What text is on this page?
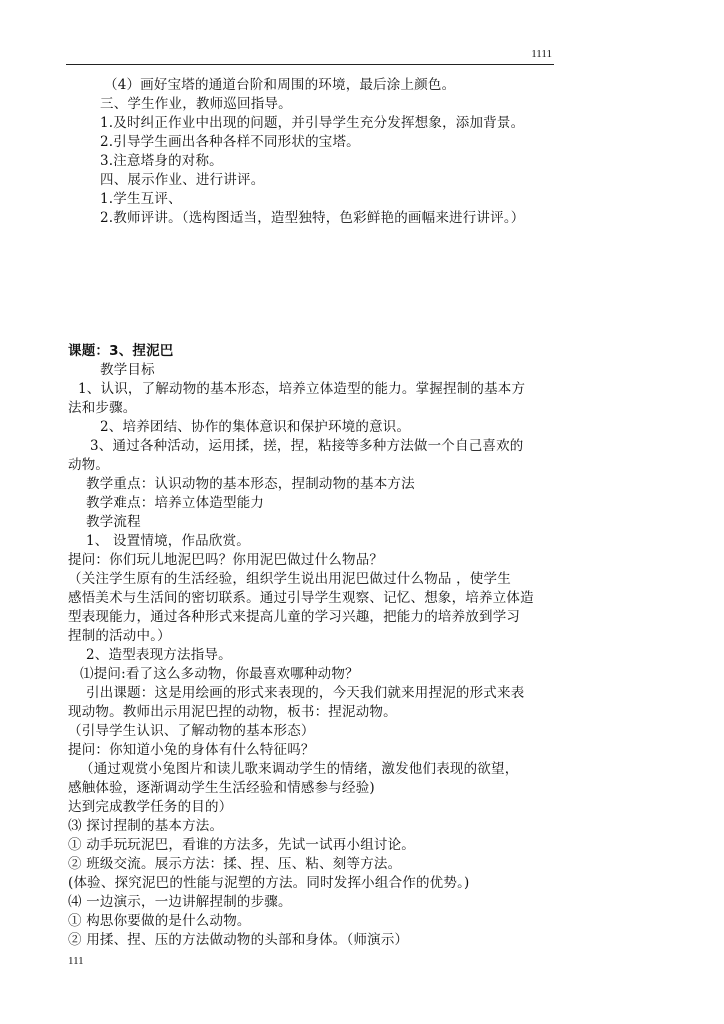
1111
（4）画好宝塔的通道台阶和周围的环境，最后涂上颜色。
三、学生作业，教师巡回指导。
1.及时纠正作业中出现的问题，并引导学生充分发挥想象，添加背景。
2.引导学生画出各种各样不同形状的宝塔。
3.注意塔身的对称。
四、展示作业、进行讲评。
1.学生互评、
2.教师评讲。（选构图适当，造型独特，色彩鲜艳的画幅来进行讲评。）
课题：3、捏泥巴
教学目标
1、认识，了解动物的基本形态，培养立体造型的能力。掌握捏制的基本方
法和步骤。
2、培养团结、协作的集体意识和保护环境的意识。
3、通过各种活动，运用揉，搓，捏，粘接等多种方法做一个自己喜欢的
动物。
教学重点：认识动物的基本形态，捏制动物的基本方法
教学难点：培养立体造型能力
教学流程
1、 设置情境，作品欣赏。
提问：你们玩儿地泥巴吗？你用泥巴做过什么物品？
（关注学生原有的生活经验，组织学生说出用泥巴做过什么物品 ，使学生
感悟美术与生活间的密切联系。通过引导学生观察、记忆、想象，培养立体造
型表现能力，通过各种形式来提高儿童的学习兴趣，把能力的培养放到学习
捏制的活动中。）
2、造型表现方法指导。
⑴提问:看了这么多动物，你最喜欢哪种动物？
引出课题：这是用绘画的形式来表现的，今天我们就来用捏泥的形式来表
现动物。教师出示用泥巴捏的动物，板书：捏泥动物。
（引导学生认识、了解动物的基本形态）
提问：你知道小兔的身体有什么特征吗？
（通过观赏小兔图片和读儿歌来调动学生的情绪，激发他们表现的欲望，
感触体验，逐渐调动学生生活经验和情感参与经验)
达到完成教学任务的目的）
⑶ 探讨捏制的基本方法。
① 动手玩玩泥巴，看谁的方法多，先试一试再小组讨论。
② 班级交流。展示方法：揉、捏、压、粘、刻等方法。
(体验、探究泥巴的性能与泥塑的方法。同时发挥小组合作的优势。)
⑷ 一边演示，一边讲解捏制的步骤。
① 构思你要做的是什么动物。
② 用揉、捏、压的方法做动物的头部和身体。（师演示）
111
